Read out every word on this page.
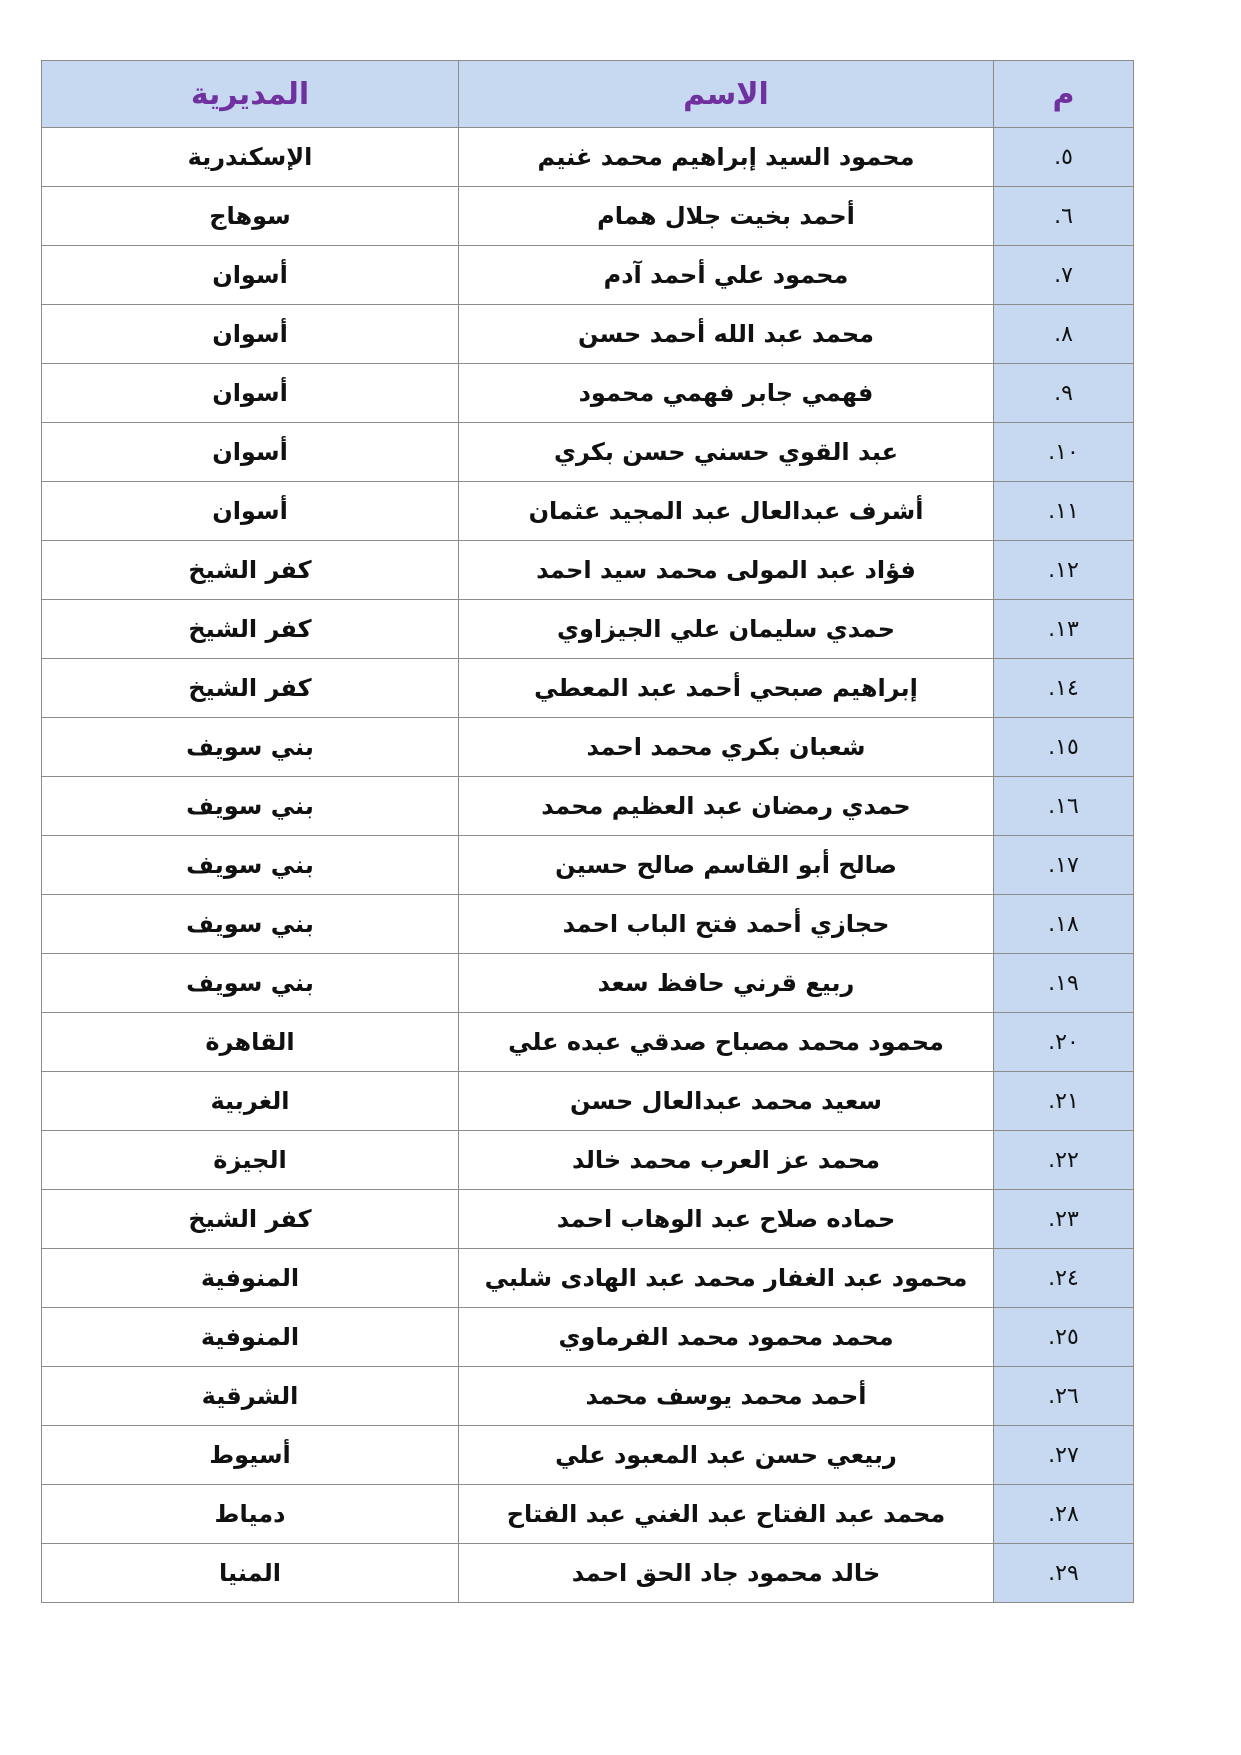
م	الاسم	المديرية
٥.	محمود السيد إبراهيم محمد غنيم	الإسكندرية
٦.	أحمد بخيت جلال همام	سوهاج
٧.	محمود علي أحمد آدم	أسوان
٨.	محمد عبد الله أحمد حسن	أسوان
٩.	فهمي جابر فهمي محمود	أسوان
١٠.	عبد القوي حسني حسن بكري	أسوان
١١.	أشرف عبدالعال عبد المجيد عثمان	أسوان
١٢.	فؤاد عبد المولى محمد سيد احمد	كفر الشيخ
١٣.	حمدي سليمان علي الجيزاوي	كفر الشيخ
١٤.	إبراهيم صبحي أحمد عبد المعطي	كفر الشيخ
١٥.	شعبان بكري محمد احمد	بني سويف
١٦.	حمدي رمضان عبد العظيم محمد	بني سويف
١٧.	صالح أبو القاسم صالح حسين	بني سويف
١٨.	حجازي أحمد فتح الباب احمد	بني سويف
١٩.	ربيع قرني حافظ سعد	بني سويف
٢٠.	محمود محمد مصباح صدقي عبده علي	القاهرة
٢١.	سعيد محمد عبدالعال حسن	الغربية
٢٢.	محمد عز العرب محمد خالد	الجيزة
٢٣.	حماده صلاح عبد الوهاب احمد	كفر الشيخ
٢٤.	محمود عبد الغفار محمد عبد الهادى شلبي	المنوفية
٢٥.	محمد محمود محمد الفرماوي	المنوفية
٢٦.	أحمد محمد يوسف محمد	الشرقية
٢٧.	ربيعي حسن عبد المعبود علي	أسيوط
٢٨.	محمد عبد الفتاح عبد الغني عبد الفتاح	دمياط
٢٩.	خالد محمود جاد الحق احمد	المنيا
